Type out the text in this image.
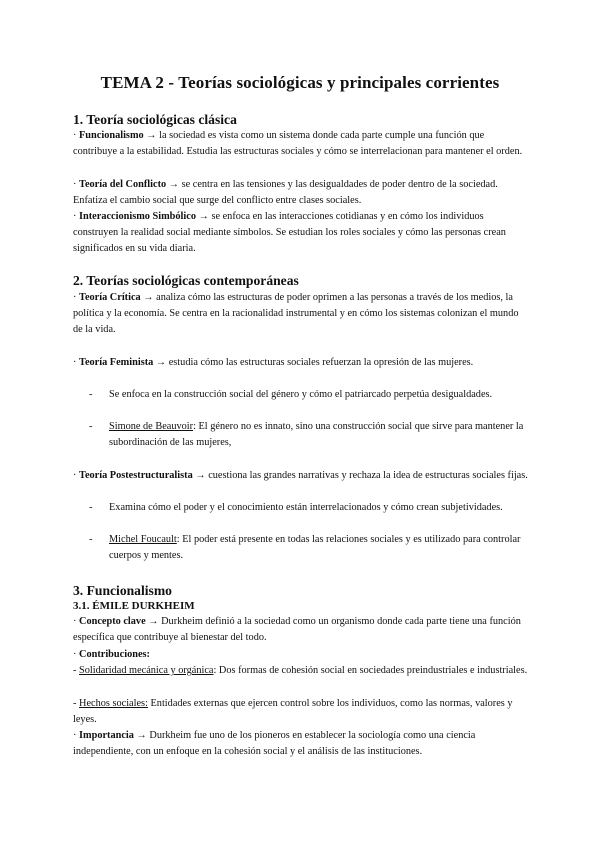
TEMA 2 - Teorías sociológicas y principales corrientes
1. Teoría sociológicas clásica

· Funcionalismo → la sociedad es vista como un sistema donde cada parte cumple una función que contribuye a la estabilidad. Estudia las estructuras sociales y cómo se interrelacionan para mantener el orden.

· Teoría del Conflicto → se centra en las tensiones y las desigualdades de poder dentro de la sociedad. Enfatiza el cambio social que surge del conflicto entre clases sociales.

· Interaccionismo Simbólico → se enfoca en las interacciones cotidianas y en cómo los individuos construyen la realidad social mediante símbolos. Se estudian los roles sociales y cómo las personas crean significados en su vida diaria.

2. Teorías sociológicas contemporáneas

· Teoría Crítica → analiza cómo las estructuras de poder oprimen a las personas a través de los medios, la política y la economía. Se centra en la racionalidad instrumental y en cómo los sistemas colonizan el mundo de la vida.

· Teoría Feminista → estudia cómo las estructuras sociales refuerzan la opresión de las mujeres.

- Se enfoca en la construcción social del género y cómo el patriarcado perpetúa desigualdades.

- Simone de Beauvoir: El género no es innato, sino una construcción social que sirve para mantener la subordinación de las mujeres,

· Teoría Postestructuralista → cuestiona las grandes narrativas y rechaza la idea de estructuras sociales fijas.

- Examina cómo el poder y el conocimiento están interrelacionados y cómo crean subjetividades.

- Michel Foucault: El poder está presente en todas las relaciones sociales y es utilizado para controlar cuerpos y mentes.

3. Funcionalismo
3.1. ÉMILE DURKHEIM

· Concepto clave → Durkheim definió a la sociedad como un organismo donde cada parte tiene una función específica que contribuye al bienestar del todo.

· Contribuciones:

- Solidaridad mecánica y orgánica: Dos formas de cohesión social en sociedades preindustriales e industriales.

- Hechos sociales: Entidades externas que ejercen control sobre los individuos, como las normas, valores y leyes.

· Importancia → Durkheim fue uno de los pioneros en establecer la sociología como una ciencia independiente, con un enfoque en la cohesión social y el análisis de las instituciones.
